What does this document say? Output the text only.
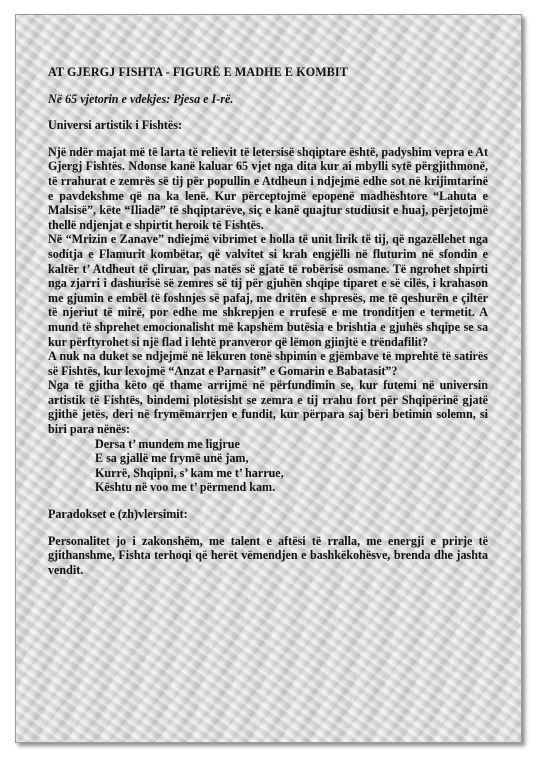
AT GJERGJ FISHTA - FIGURË E MADHE E KOMBIT
Në 65 vjetorin e vdekjes: Pjesa e I-rë.
Universi artistik i Fishtës:

Një ndër majat më të larta të relievit të letersisë shqiptare është, padyshim vepra e At Gjergj Fishtës. Ndonse kanë kaluar 65 vjet nga dita kur ai mbylli sytë përgjithmonë, të rrahurat e zemrës së tij për popullin e Atdheun i ndjejmë edhe sot në krijimtarinë e pavdekshme që na ka lenë. Kur përceptojmë epopenë madhështore “Lahuta e Malsisë”, këte “Iliadë” të shqiptarëve, siç e kanë quajtur studiusit e huaj, përjetojmë thellë ndjenjat e shpirtit heroik të Fishtës.

Në “Mrizin e Zanave” ndiejmë vibrimet e holla të unit lirik të tij, që ngazëllehet nga sodítja e Flamurit kombëtar, që valvitet si krah engjëlli në fluturim në sfondin e kaltër t’ Atdheut të çliruar, pas natës së gjatë të robërisë osmane. Të ngrohet shpirti nga zjarri i dashurisë së zemres së tij për gjuhën shqipe tiparet e së cilës, i krahason me gjumin e embël të foshnjes së pafaj, me dritën e shpresës, me të qeshurën e çiltër të njeriut të mirë, por edhe me shkrepjen e rrufesë e me trondítjen e termetit. A mund të shprehet emocionalisht më kapshëm butësia e brishtia e gjuhës shqipe se sa kur përftyrohet si një flad i lehtë pranveror që lëmon gjinjtë e trëndafilit?

A nuk na duket se ndjejmë në lëkuren tonë shpimin e gjëmbave të mprehtë të satirës së Fishtës, kur lexojmë “Anzat e Parnasit” e Gomarin e Babatasit”?

Nga të gjitha këto që thame arrijmë në përfundimin se, kur futemi në universin artistik të Fishtës, bindemi plotësisht se zemra e tij rrahu fort për Shqipërinë gjatë gjithë jetës, deri në frymëmarrjen e fundit, kur përpara saj bëri betimin solemn, si biri para nënës:

Dersa t’ mundem me ligjrue
E sa gjallë me frymë unë jam,
Kurrë, Shqipni, s’ kam me t’ harrue,
Kështu në voo me t’ përmend kam.
Paradokset e (zh)vlersimit:

Personalitet jo i zakonshëm, me talent e aftësi të rralla, me energji e prirje të gjithanshme, Fishta terhoqi që herët vëmendjen e bashkëkohësve, brenda dhe jashta vendit.
